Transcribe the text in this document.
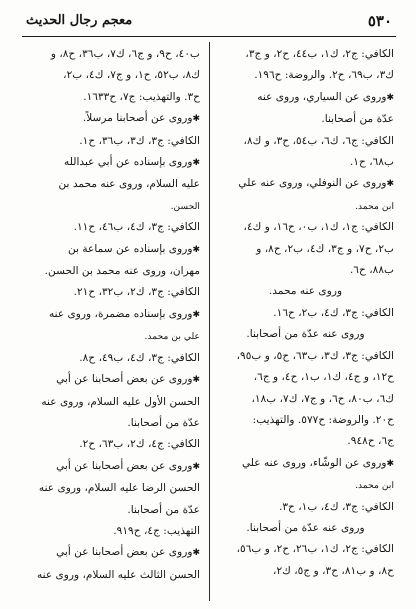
٥٣٠
معجم رجال الحديث
الكافي: ج٢، ك١، ب٤٤، ح٢، و ج٣،
ك٣، ب٦٩، ح٢. والروضة: ح١٩٦.
✱ وروى عن السياري، وروى عنه
عدّة من أصحابنا.
الكافي: ج٦، ك٦، ب٥٤، ح٣، و ك٨،
ب٦٨، ح١.
✱ وروى عن النوفلي، وروى عنه علي
ابن محمد.
الكافي: ج١، ك١، ب٠، ح١٦، و ك٤،
ب٢، ح٧، و ج٣، ك٤، ب٢، ح٨، و
ب٨٨، ح٦.
وروى عنه محمد.
الكافي: ج٣، ك٤، ب٢، ح١٦.
وروى عنه عدّة من أصحابنا.
الكافي: ج٣، ك٣، ب٦٣، ح٥، و ب٩٥،
ح١٢، و ج٤، ك١، ب١، ح٤، و ج٦،
ك٦، ب٨٠، ح٦، و ج٧، ك٧، ب١٨،
ح٢٠. والروضة: ح٥٧٧. والتهذيب:
ج٦، ح٩٤٨.
✱ وروى عن الوشّاء، وروى عنه علي
ابن محمد.
الكافي: ج٣، ك٤، ب١، ح٣.
وروى عنه عدّة من أصحابنا.
الكافي: ج٢، ك١، ب٢٦، ح٢، و ب٥٦،
ح٨، و ب٨١، ح٣، و ج٥، ك٢،
ب٤٠، ح٩، و ج٦، ك٧، ب٣٦، ح٨، و
ك٨، ب٥٢، ح١، و ج٧، ك٤، ب٢،
ح٣. والتهذيب: ج٧، ح١٦٣٣.
✱ وروى عن أصحابنا مرسلاً.
الكافي: ج٣، ك٣، ب٣٦، ح١.
✱ وروى بإسناده عن أبي عبدالله
عليه السلام، وروى عنه محمد بن
الحسن.
الكافي: ج٣، ك٤، ب٤٦، ح١١.
✱ وروى بإسناده عن سماعة بن
مهران، وروى عنه محمد بن الحسن.
الكافي: ج٣، ك٢، ب٣٢، ح٢١.
✱ وروى بإسناده مضمرة، وروى عنه
علي بن محمد.
الكافي: ج٣، ك٤، ب٤٩، ح٨.
✱ وروى عن بعض أصحابنا عن أبي
الحسن الأول عليه السلام، وروى عنه
عدّة من أصحابنا.
الكافي: ج٤، ك٢، ب٦٣، ح٢.
✱ وروى عن بعض أصحابنا عن أبي
الحسن الرضا عليه السلام، وروى عنه
عدّة من أصحابنا.
التهذيب: ج٤، ح٩١٩.
✱ وروى عن بعض أصحابنا عن أبي
الحسن الثالث عليه السلام، وروى عنه
